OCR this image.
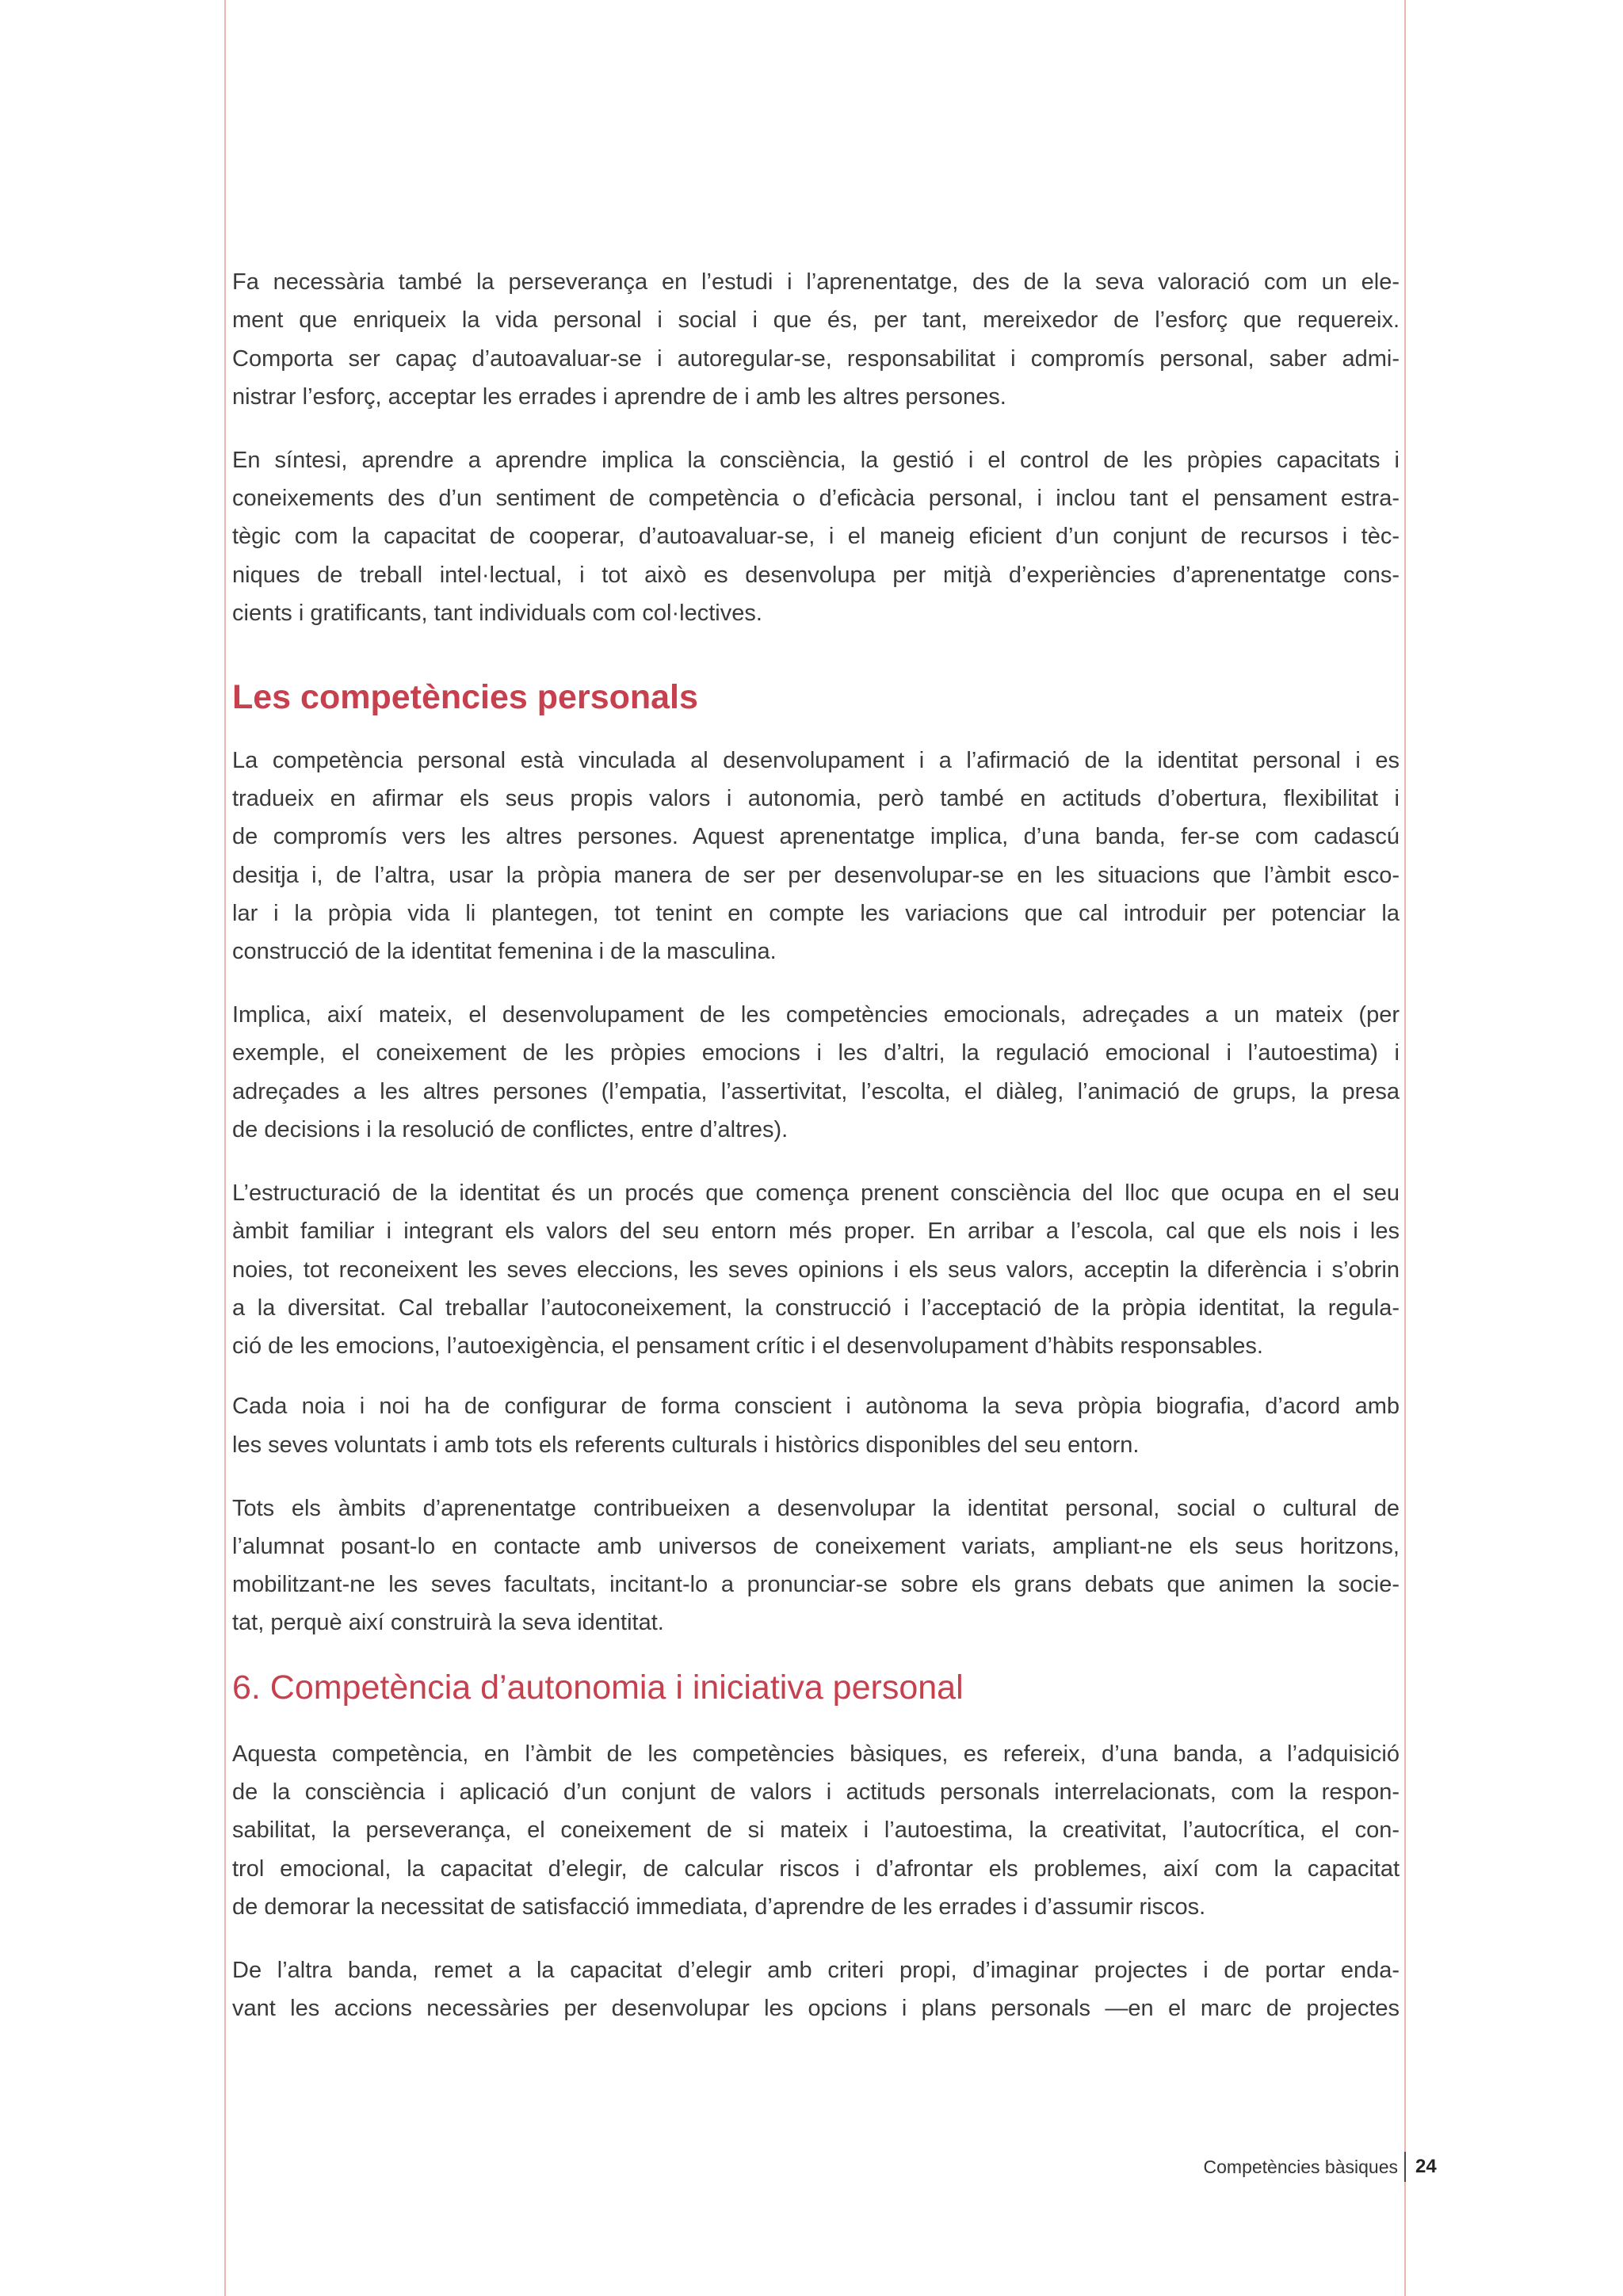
Fa necessària també la perseverança en l’estudi i l’aprenentatge, des de la seva valoració com un ele-
ment que enriqueix la vida personal i social i que és, per tant, mereixedor de l’esforç que requereix.
Comporta ser capaç d’autoavaluar-se i autoregular-se, responsabilitat i compromís personal, saber admi-
nistrar l’esforç, acceptar les errades i aprendre de i amb les altres persones.
En síntesi, aprendre a aprendre implica la consciència, la gestió i el control de les pròpies capacitats i
coneixements des d’un sentiment de competència o d’eficàcia personal, i inclou tant el pensament estra-
tègic com la capacitat de cooperar, d’autoavaluar-se, i el maneig eficient d’un conjunt de recursos i tèc-
niques de treball intel·lectual, i tot això es desenvolupa per mitjà d’experiències d’aprenentatge cons-
cients i gratificants, tant individuals com col·lectives.
Les competències personals
La competència personal està vinculada al desenvolupament i a l’afirmació de la identitat personal i es
tradueix en afirmar els seus propis valors i autonomia, però també en actituds d’obertura, flexibilitat i
de compromís vers les altres persones. Aquest aprenentatge implica, d’una banda, fer-se com cadascú
desitja i, de l’altra, usar la pròpia manera de ser per desenvolupar-se en les situacions que l’àmbit esco-
lar i la pròpia vida li plantegen, tot tenint en compte les variacions que cal introduir per potenciar la
construcció de la identitat femenina i de la masculina.
Implica, així mateix, el desenvolupament de les competències emocionals, adreçades a un mateix (per
exemple, el coneixement de les pròpies emocions i les d’altri, la regulació emocional i l’autoestima) i
adreçades a les altres persones (l’empatia, l’assertivitat, l’escolta, el diàleg, l’animació de grups, la presa
de decisions i la resolució de conflictes, entre d’altres).
L’estructuració de la identitat és un procés que comença prenent consciència del lloc que ocupa en el seu
àmbit familiar i integrant els valors del seu entorn més proper. En arribar a l’escola, cal que els nois i les
noies, tot reconeixent les seves eleccions, les seves opinions i els seus valors, acceptin la diferència i s’obrin
a la diversitat. Cal treballar l’autoconeixement, la construcció i l’acceptació de la pròpia identitat, la regula-
ció de les emocions, l’autoexigència, el pensament crític i el desenvolupament d’hàbits responsables.
Cada noia i noi ha de configurar de forma conscient i autònoma la seva pròpia biografia, d’acord amb
les seves voluntats i amb tots els referents culturals i històrics disponibles del seu entorn.
Tots els àmbits d’aprenentatge contribueixen a desenvolupar la identitat personal, social o cultural de
l’alumnat posant-lo en contacte amb universos de coneixement variats, ampliant-ne els seus horitzons,
mobilitzant-ne les seves facultats, incitant-lo a pronunciar-se sobre els grans debats que animen la socie-
tat, perquè així construirà la seva identitat.
6. Competència d’autonomia i iniciativa personal
Aquesta competència, en l’àmbit de les competències bàsiques, es refereix, d’una banda, a l’adquisició
de la consciència i aplicació d’un conjunt de valors i actituds personals interrelacionats, com la respon-
sabilitat, la perseverança, el coneixement de si mateix i l’autoestima, la creativitat, l’autocrítica, el con-
trol emocional, la capacitat d’elegir, de calcular riscos i d’afrontar els problemes, així com la capacitat
de demorar la necessitat de satisfacció immediata, d’aprendre de les errades i d’assumir riscos.
De l’altra banda, remet a la capacitat d’elegir amb criteri propi, d’imaginar projectes i de portar enda-
vant les accions necessàries per desenvolupar les opcions i plans personals —en el marc de projectes
Competències bàsiques 24
